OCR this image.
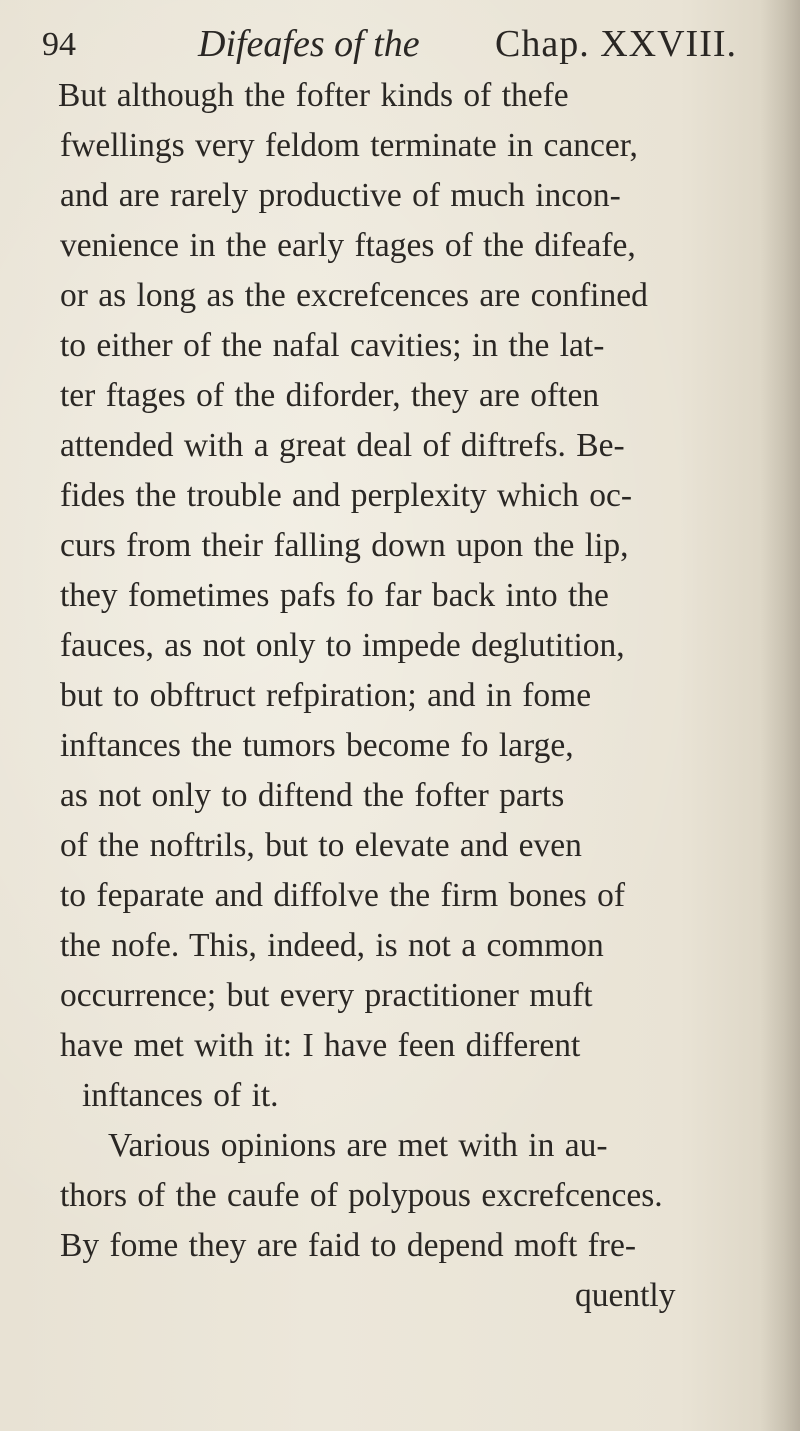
94	Difeafes of the Chap. XXVIII.
But although the fofter kinds of thefe
fwellings very feldom terminate in cancer,
and are rarely productive of much incon-
venience in the early ftages of the difeafe,
or as long as the excrefcences are confined
to either of the nafal cavities; in the lat-
ter ftages of the diforder, they are often
attended with a great deal of diftrefs. Be-
fides the trouble and perplexity which oc-
curs from their falling down upon the lip,
they fometimes pafs fo far back into the
fauces, as not only to impede deglutition,
but to obftruct refpiration; and in fome
inftances the tumors become fo large,
as not only to diftend the fofter parts
of the noftrils, but to elevate and even
to feparate and diffolve the firm bones of
the nofe. This, indeed, is not a common
occurrence; but every practitioner muft
have met with it: I have feen different
inftances of it.
Various opinions are met with in au-
thors of the caufe of polypous excrefcences.
By fome they are faid to depend moft fre-
quently
